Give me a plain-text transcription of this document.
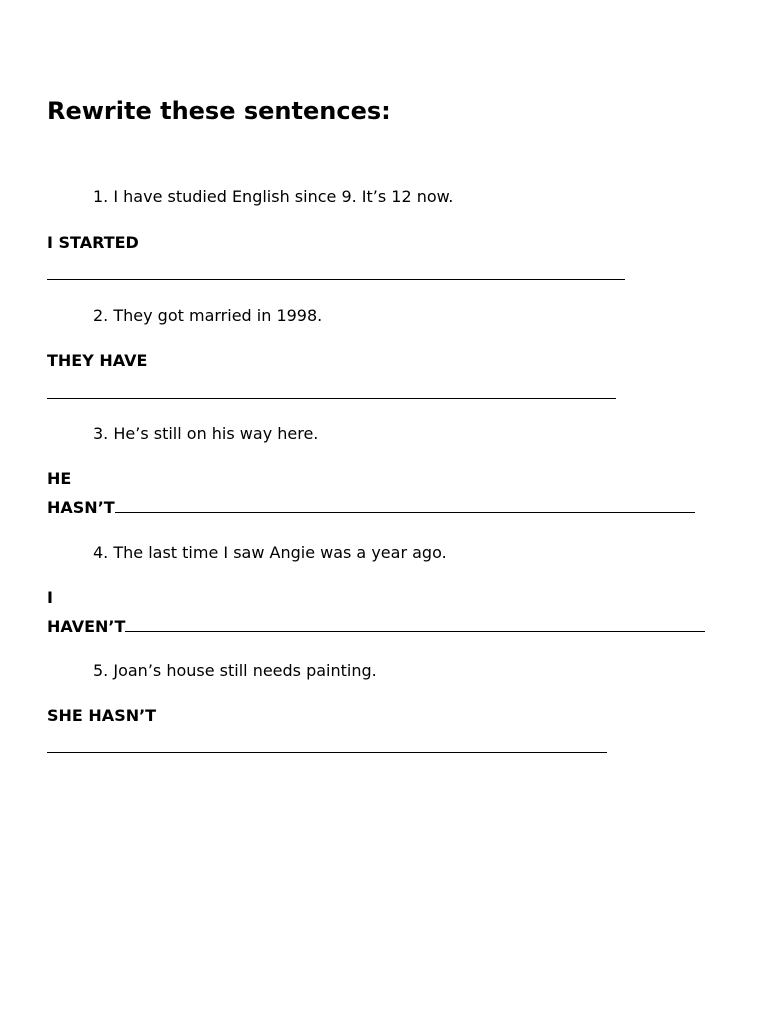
Rewrite these sentences:
1. I have studied English since 9. It’s 12 now.
I STARTED
2. They got married in 1998.
THEY HAVE
3. He’s still on his way here.
HE
HASN’T
4. The last time I saw Angie was a year ago.
I
HAVEN’T
5. Joan’s house still needs painting.
SHE HASN’T
